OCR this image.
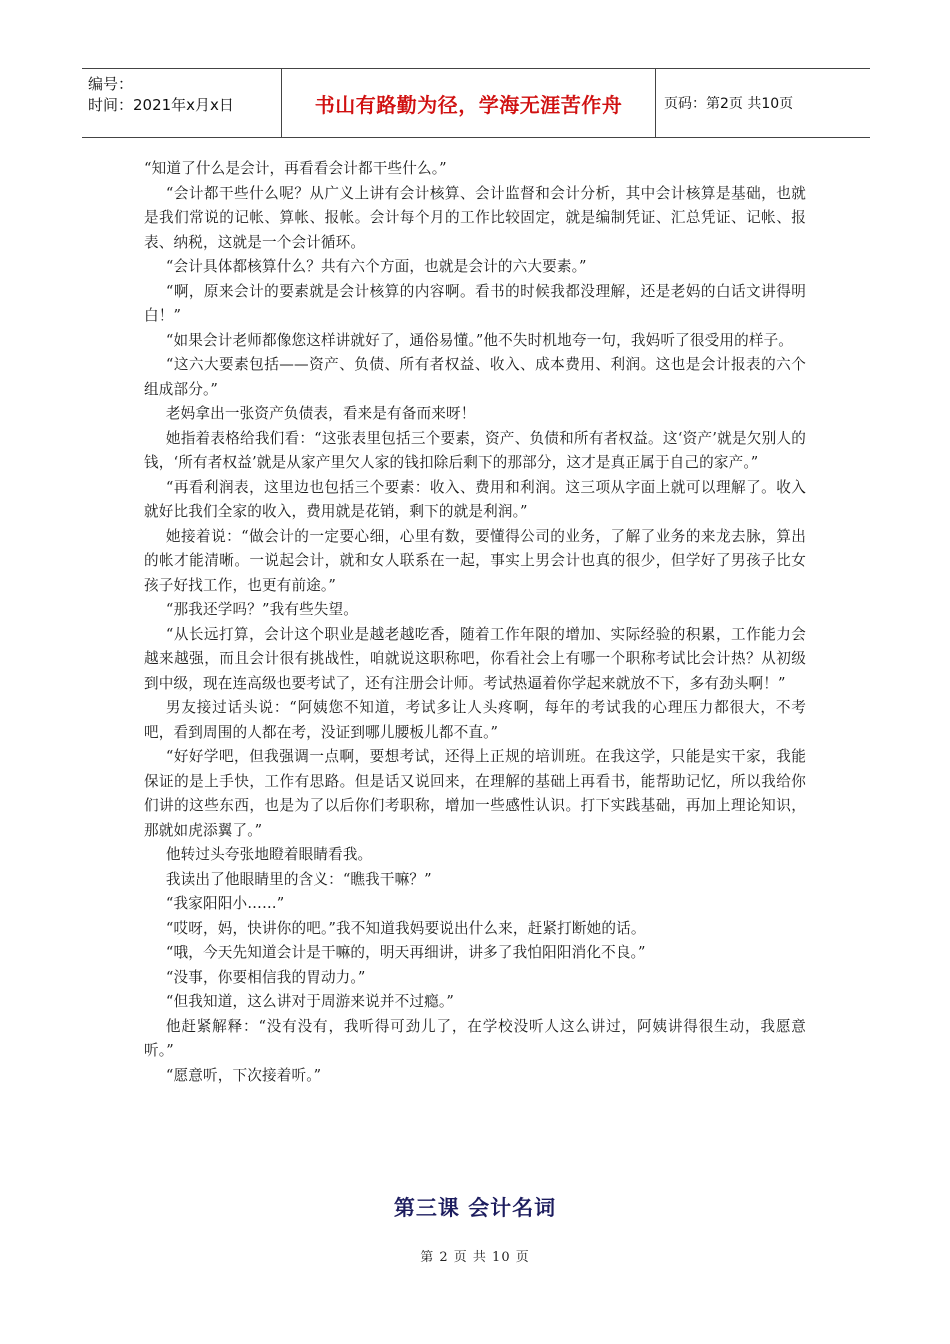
编号：
时间：2021年x月x日	书山有路勤为径，学海无涯苦作舟	页码：第2页 共10页

“知道了什么是会计，再看看会计都干些什么。”

“会计都干些什么呢？从广义上讲有会计核算、会计监督和会计分析，其中会计核算是基础，也就是我们常说的记帐、算帐、报帐。会计每个月的工作比较固定，就是编制凭证、汇总凭证、记帐、报表、纳税，这就是一个会计循环。

“会计具体都核算什么？共有六个方面，也就是会计的六大要素。”

“啊，原来会计的要素就是会计核算的内容啊。看书的时候我都没理解，还是老妈的白话文讲得明白！”

“如果会计老师都像您这样讲就好了，通俗易懂。”他不失时机地夸一句，我妈听了很受用的样子。

“这六大要素包括——资产、负债、所有者权益、收入、成本费用、利润。这也是会计报表的六个组成部分。”

老妈拿出一张资产负债表，看来是有备而来呀！

她指着表格给我们看：“这张表里包括三个要素，资产、负债和所有者权益。这‘资产’就是欠别人的钱，‘所有者权益’就是从家产里欠人家的钱扣除后剩下的那部分，这才是真正属于自己的家产。”

“再看利润表，这里边也包括三个要素：收入、费用和利润。这三项从字面上就可以理解了。收入就好比我们全家的收入，费用就是花销，剩下的就是利润。”

她接着说：“做会计的一定要心细，心里有数，要懂得公司的业务，了解了业务的来龙去脉，算出的帐才能清晰。一说起会计，就和女人联系在一起，事实上男会计也真的很少，但学好了男孩子比女孩子好找工作，也更有前途。”

“那我还学吗？”我有些失望。

“从长远打算，会计这个职业是越老越吃香，随着工作年限的增加、实际经验的积累，工作能力会越来越强，而且会计很有挑战性，咱就说这职称吧，你看社会上有哪一个职称考试比会计热？从初级到中级，现在连高级也要考试了，还有注册会计师。考试热逼着你学起来就放不下，多有劲头啊！”

男友接过话头说：“阿姨您不知道，考试多让人头疼啊，每年的考试我的心理压力都很大，不考吧，看到周围的人都在考，没证到哪儿腰板儿都不直。”

“好好学吧，但我强调一点啊，要想考试，还得上正规的培训班。在我这学，只能是实干家，我能保证的是上手快，工作有思路。但是话又说回来，在理解的基础上再看书，能帮助记忆，所以我给你们讲的这些东西，也是为了以后你们考职称，增加一些感性认识。打下实践基础，再加上理论知识，那就如虎添翼了。”

他转过头夸张地瞪着眼睛看我。

我读出了他眼睛里的含义：“瞧我干嘛？”

“我家阳阳小……”

“哎呀，妈，快讲你的吧。”我不知道我妈要说出什么来，赶紧打断她的话。

“哦，今天先知道会计是干嘛的，明天再细讲，讲多了我怕阳阳消化不良。”

“没事，你要相信我的胃动力。”

“但我知道，这么讲对于周游来说并不过瘾。”

他赶紧解释：“没有没有，我听得可劲儿了，在学校没听人这么讲过，阿姨讲得很生动，我愿意听。”

“愿意听，下次接着听。”

第三课 会计名词
第 2 页 共 10 页
